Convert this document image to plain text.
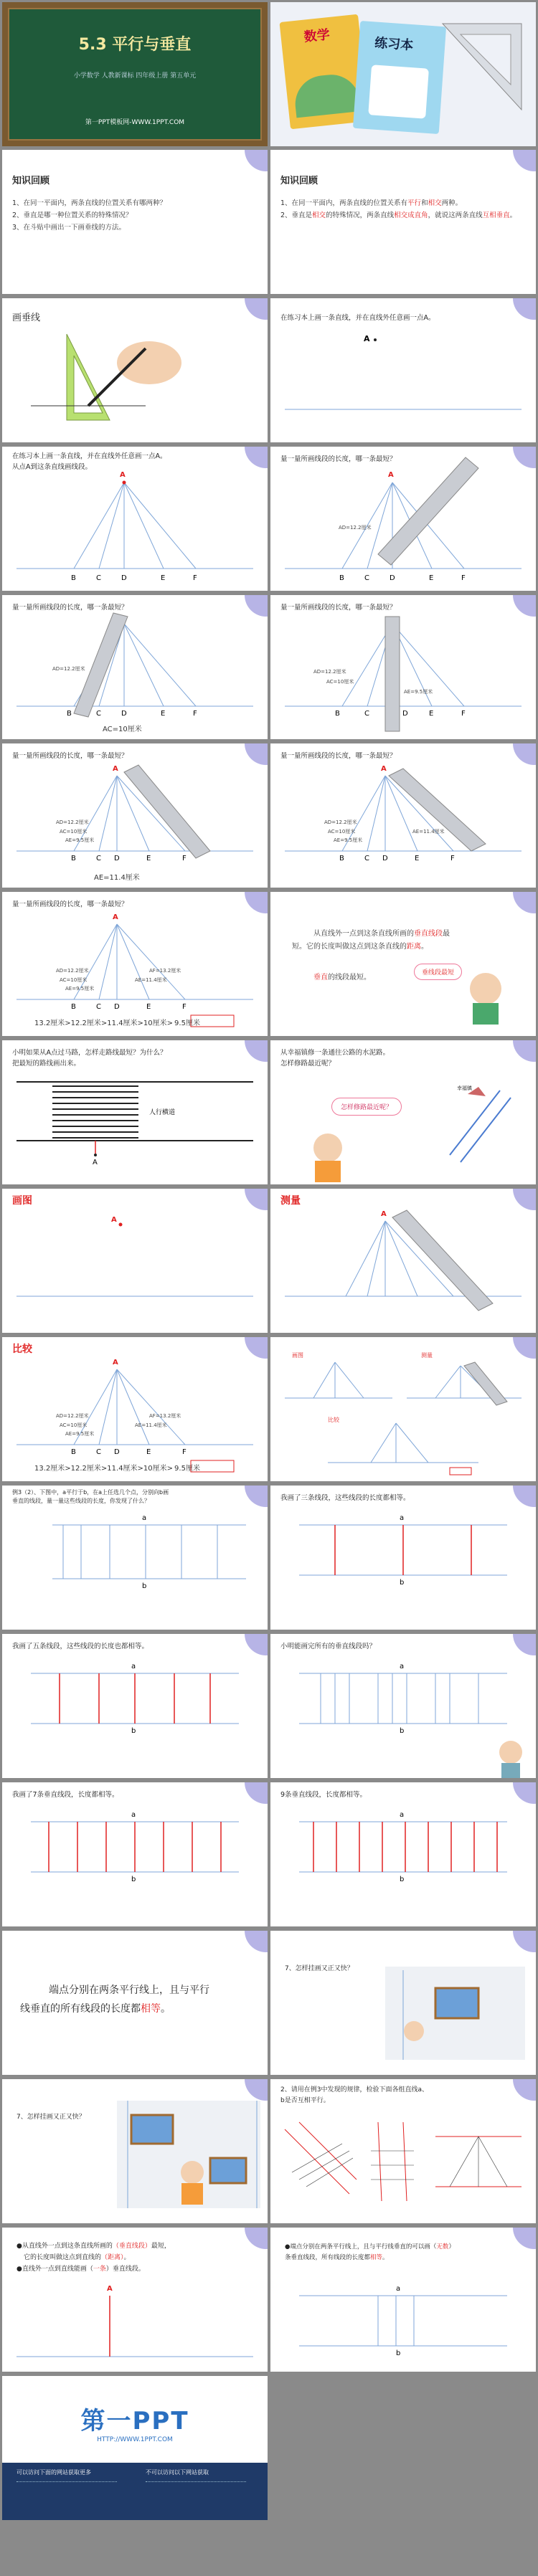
5.3 平行与垂直
小学数学 人教新课标 四年级上册 第五单元
第一PPT模板网-WWW.1PPT.COM
数学	练习本
知识回顾
1、在同一平面内，两条直线的位置关系有哪两种？
2、垂直是哪一种位置关系的特殊情况？
3、在斗贴中画出一下画垂线的方法。
知识回顾
1、在同一平面内，两条直线的位置关系有平行和相交两种。
2、垂直是相交的特殊情况，两条直线相交成直角，就说这两条直线互相垂直。
画垂线	在练习本上画一条直线，并在直线外任意画一点A。
A
在练习本上画一条直线，并在直线外任意画一点A。
从点A到这条直线画线段。
A
B	C	D	E	F
量一量所画线段的长度，哪一条最短？
A
AD=12.2厘米
B	C	D	E	F
量一量所画线段的长度，哪一条最短？
AD=12.2厘米
B	C	D	E	F
AC=10厘米
量一量所画线段的长度，哪一条最短？
AD=12.2厘米
AC=10厘米
AE=9.5厘米
B	C	D	E	F
量一量所画线段的长度，哪一条最短？
A
AD=12.2厘米
AC=10厘米
AE=9.5厘米
B	C D	E	F
AE=11.4厘米
量一量所画线段的长度，哪一条最短？
A
AD=12.2厘米
AC=10厘米
AE=9.5厘米
AE=11.4厘米
B	C D	E	F
量一量所画线段的长度，哪一条最短？
A
AD=12.2厘米
AC=10厘米
AE=9.5厘米
AE=11.4厘米
AF=13.2厘米
B	C D	E	F
13.2厘米>12.2厘米>11.4厘米>10厘米> 9.5厘米
从直线外一点到这条直线所画的垂直线段最短。它的长度叫做这点到这条直线的距离。
垂直的线段最短。
垂线段最短
小明如果从A点过马路，怎样走路线最短？为什么？
把最短的路线画出来。
人行横道
A
从幸福镇修一条通往公路的水泥路。
怎样修路最近呢？
怎样修路最近呢？
幸福镇
画图
A
测量
A
比较
A
AD=12.2厘米
AC=10厘米
AE=9.5厘米
AE=11.4厘米
AF=13.2厘米
B	C D	E	F
13.2厘米>12.2厘米>11.4厘米>10厘米> 9.5厘米
画图	测量
比较
例3（2）、下图中，a平行于b，在a上任选几个点，分别向b画
垂直的线段，量一量这些线段的长度，你发现了什么？
a
b
我画了三条线段，这些线段的长度都相等。
a
b
我画了五条线段，这些线段的长度也都相等。
a
b
小明能画完所有的垂直线段吗？
a
b
我画了7条垂直线段，长度都相等。
a
b
9条垂直线段，长度都相等。
a
b
端点分别在两条平行线上，且与平行
线垂直的所有线段的长度都相等。
7、怎样挂画又正又快？
7、怎样挂画又正又快？
2、请用在例3中发现的规律，检验下面各组直线a、
b是否互相平行。
●从直线外一点到这条直线所画的（垂直线段）最短，
它的长度叫做这点到直线的（距离）。
●直线外一点到直线能画（一条）垂直线段。
A
●端点分别在两条平行线上，且与平行线垂直的可以画（无数）
条垂直线段，所有线段的长度都相等。
a
b
第一PPT
HTTP://WWW.1PPT.COM
可以访问下面的网站获取更多	不可以访问以下网站获取
